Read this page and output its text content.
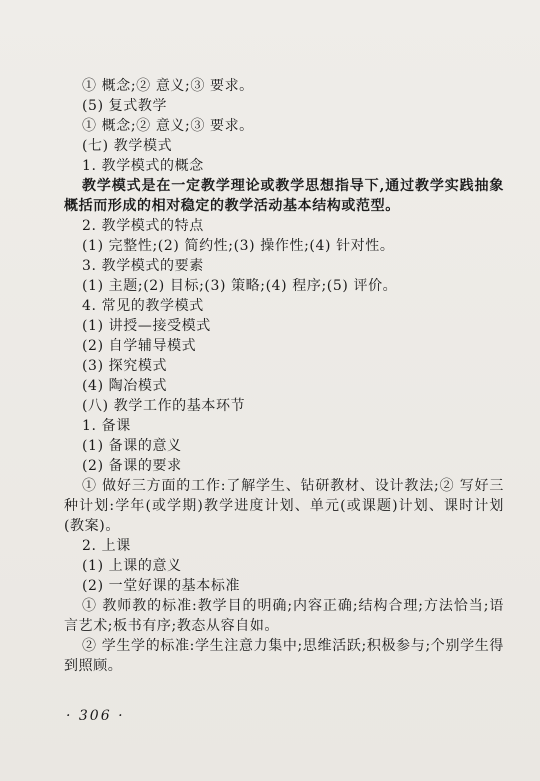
① 概念;② 意义;③ 要求。

(5) 复式教学

① 概念;② 意义;③ 要求。

(七) 教学模式

1. 教学模式的概念

教学模式是在一定教学理论或教学思想指导下,通过教学实践抽象概括而形成的相对稳定的教学活动基本结构或范型。

2. 教学模式的特点

(1) 完整性;(2) 简约性;(3) 操作性;(4) 针对性。

3. 教学模式的要素

(1) 主题;(2) 目标;(3) 策略;(4) 程序;(5) 评价。

4. 常见的教学模式

(1) 讲授—接受模式

(2) 自学辅导模式

(3) 探究模式

(4) 陶冶模式

(八) 教学工作的基本环节

1. 备课

(1) 备课的意义

(2) 备课的要求

① 做好三方面的工作:了解学生、钻研教材、设计教法;② 写好三种计划:学年(或学期)教学进度计划、单元(或课题)计划、课时计划(教案)。

2. 上课

(1) 上课的意义

(2) 一堂好课的基本标准

① 教师教的标准:教学目的明确;内容正确;结构合理;方法恰当;语言艺术;板书有序;教态从容自如。

② 学生学的标准:学生注意力集中;思维活跃;积极参与;个别学生得到照顾。

· 306 ·
